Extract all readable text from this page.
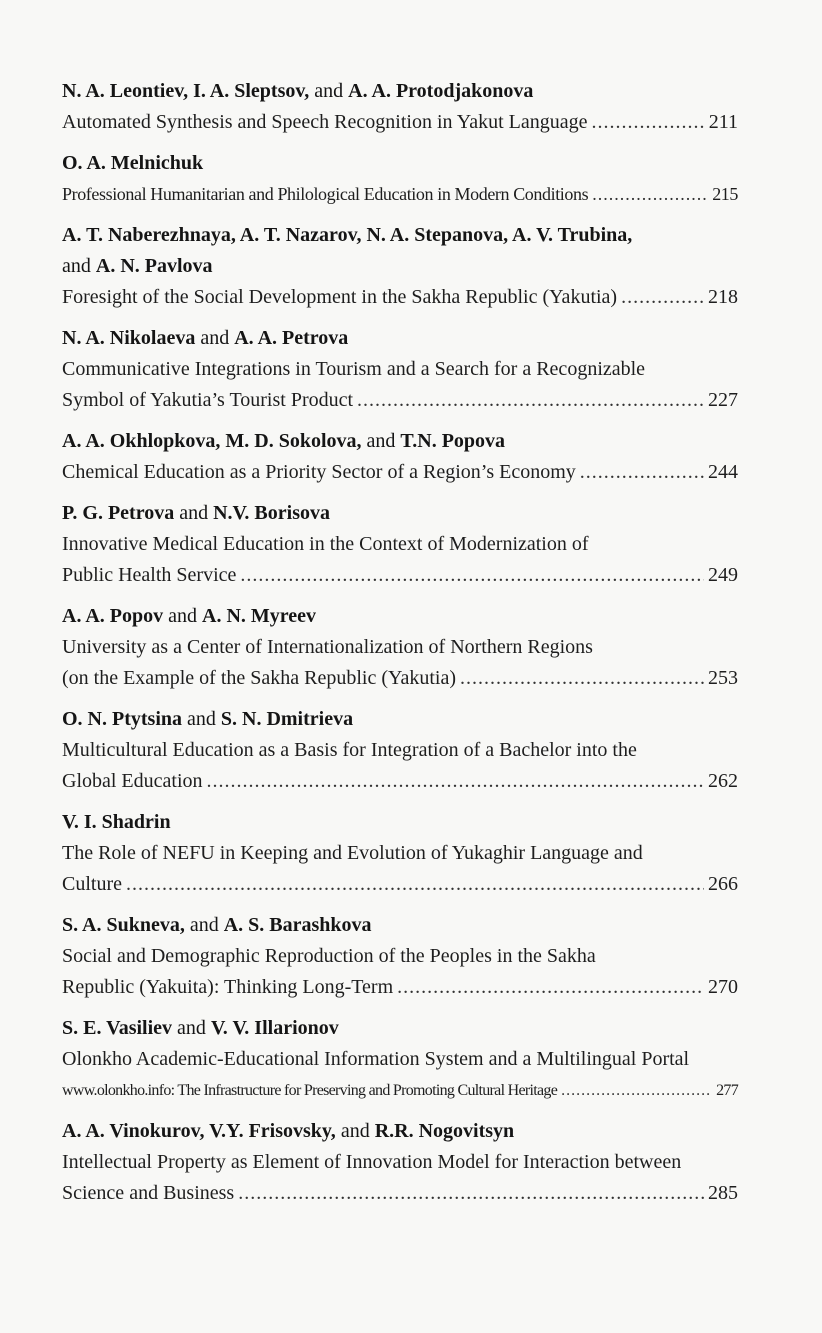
N. A. Leontiev, I. A. Sleptsov, and A. A. Protodjakonova
Automated Synthesis and Speech Recognition in Yakut Language .....	211
O. A. Melnichuk
Professional Humanitarian and Philological Education in Modern Conditions .....	215
A. T. Naberezhnaya, A. T. Nazarov, N. A. Stepanova, A. V. Trubina,
and A. N. Pavlova
Foresight of the Social Development in the Sakha Republic (Yakutia) .....	218
N. A. Nikolaeva and A. A. Petrova
Communicative Integrations in Tourism and a Search for a Recognizable
Symbol of Yakutia’s Tourist Product .....	227
A. A. Okhlopkova, M. D. Sokolova, and T.N. Popova
Chemical Education as a Priority Sector of a Region’s Economy .....	244
P. G. Petrova and N.V. Borisova
Innovative Medical Education in the Context of Modernization of
Public Health Service .....	249
A. A. Popov and A. N. Myreev
University as a Center of Internationalization of Northern Regions
(on the Example of the Sakha Republic (Yakutia) .....	253
O. N. Ptytsina and S. N. Dmitrieva
Multicultural Education as a Basis for Integration of a Bachelor into the
Global Education .....	262
V. I. Shadrin
The Role of NEFU in Keeping and Evolution of Yukaghir Language and
Culture .....	266
S. A. Sukneva, and A. S. Barashkova
Social and Demographic Reproduction of the Peoples in the Sakha
Republic (Yakuita): Thinking Long-Term .....	270
S. E. Vasiliev and V. V. Illarionov
Olonkho Academic-Educational Information System and a Multilingual Portal
www.olonkho.info: The Infrastructure for Preserving and Promoting Cultural Heritage .....	277
A. A. Vinokurov, V.Y. Frisovsky, and R.R. Nogovitsyn
Intellectual Property as Element of Innovation Model for Interaction between
Science and Business .....	285
